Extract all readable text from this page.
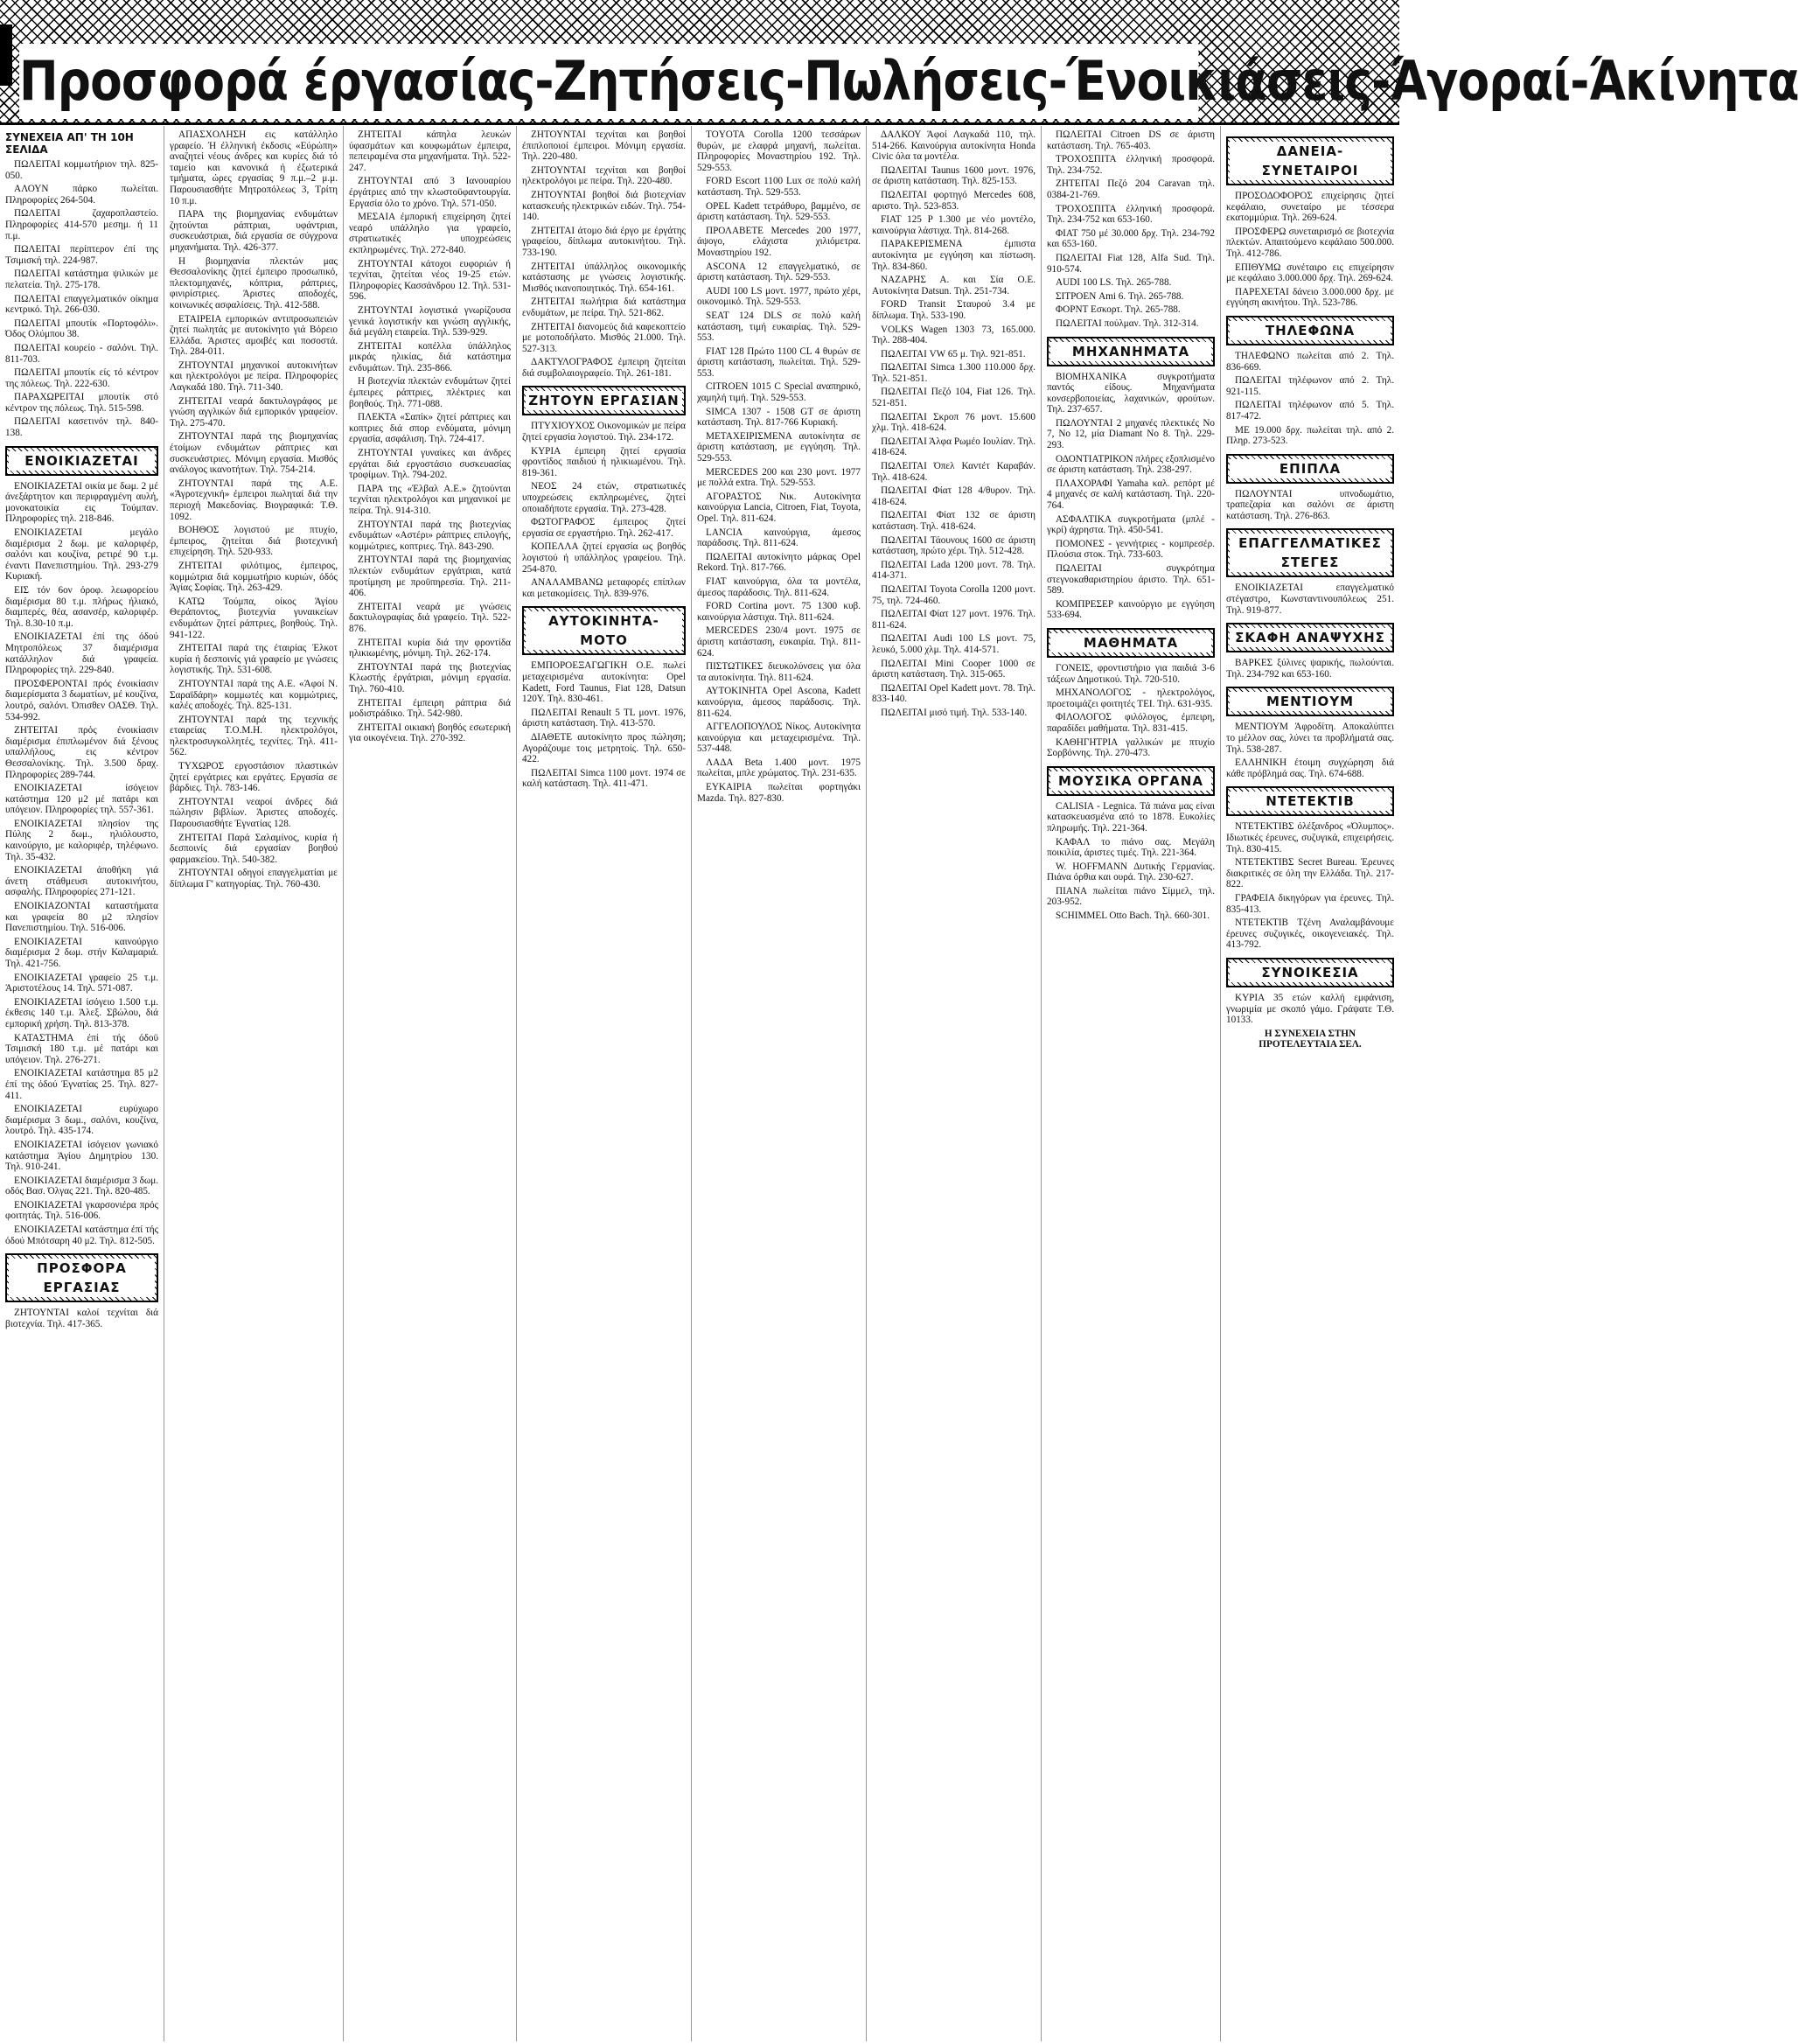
1
Προσφορά έργασίας-Ζητήσεις-Πωλήσεις-Ένοικιάσεις-Άγοραί-Άκίνητα
ΣΥΝΕΧΕΙΑ ΑΠ' ΤΗ 10Η ΣΕΛΙΔΑ

ΠΩΛΕΙΤΑΙ κομμωτήριον τηλ. 825-050.

ΑΛΟΥΝ πάρκο πωλείται. Πληροφορίες 264-504.

ΠΩΛΕΙΤΑΙ ζαχαροπλαστείο. Πληροφορίες 414-570 μεσημ. ή 11 π.μ.

ΠΩΛΕΙΤΑΙ περίπτερον έπί της Τσιμισκή τηλ. 224-987.

ΠΩΛΕΙΤΑΙ κατάστημα ψιλικών με πελατεία. Τηλ. 275-178.

ΠΩΛΕΙΤΑΙ επαγγελματικόν οίκημα κεντρικό. Τηλ. 266-030.

ΠΩΛΕΙΤΑΙ μπουτίκ «Πορτοφόλι». Όδος Ολύμπου 38.

ΠΩΛΕΙΤΑΙ κουρείο - σαλόνι. Τηλ. 811-703.

ΠΩΛΕΙΤΑΙ μπουτίκ είς τό κέντρον της πόλεως. Τηλ. 222-630.

ΠΑΡΑΧΩΡΕΙΤΑΙ μπουτίκ στό κέντρον της πόλεως. Τηλ. 515-598.

ΠΩΛΕΙΤΑΙ κασετινόν τηλ. 840-138.

ΕΝΟΙΚΙΑΖΕΤΑΙ

ΕΝΟΙΚΙΑΖΕΤΑΙ οικία με δωμ. 2 μέ άνεξάρτητον και περιφραγμένη αυλή, μονοκατοικία εις Τούμπαν. Πληροφορίες τηλ. 218-846.

ΕΝΟΙΚΙΑΖΕΤΑΙ μεγάλο διαμέρισμα 2 δωμ. με καλοριφέρ, σαλόνι και κουζίνα, ρετιρέ 90 τ.μ. έναντι Πανεπιστημίου. Τηλ. 293-279 Κυριακή.

ΕΙΣ τόν 6ον όροφ. λεωφορείου διαμέρισμα 80 τ.μ. πλήρως ήλιακό, διαμπερές, θέα, ασανσέρ, καλοριφέρ. Τηλ. 8.30-10 π.μ.

ΕΝΟΙΚΙΑΖΕΤΑΙ έπί της όδού Μητροπόλεως 37 διαμέρισμα κατάλληλον διά γραφεία. Πληροφορίες τηλ. 229-840.

ΠΡΟΣΦΕΡΟΝΤΑΙ πρός ένοικίασιν διαμερίσματα 3 δωματίων, μέ κουζίνα, λουτρό, σαλόνι. Όπισθεν ΟΑΣΘ. Τηλ. 534-992.

ΖΗΤΕΙΤΑΙ πρός ένοικίασιν διαμέρισμα έπιπλωμένον διά ξένους υπαλλήλους, εις κέντρον Θεσσαλονίκης. Τηλ. 3.500 δραχ. Πληροφορίες 289-744.

ΕΝΟΙΚΙΑΖΕΤΑΙ ίσόγειον κατάστημα 120 μ2 μέ πατάρι και υπόγειον. Πληροφορίες τηλ. 557-361.

ΕΝΟΙΚΙΑΖΕΤΑΙ πλησίον της Πύλης 2 δωμ., ηλιόλουστο, καινούργιο, με καλοριφέρ, τηλέφωνο. Τηλ. 35-432.

ΕΝΟΙΚΙΑΖΕΤΑΙ άποθήκη γιά άνετη στάθμευσι αυτοκινήτου, ασφαλής. Πληροφορίες 271-121.

ΕΝΟΙΚΙΑΖΟΝΤΑΙ καταστήματα και γραφεία 80 μ2 πλησίον Πανεπιστημίου. Τηλ. 516-006.

ΕΝΟΙΚΙΑΖΕΤΑΙ καινούργιο διαμέρισμα 2 δωμ. στήν Καλαμαριά. Τηλ. 421-756.

ΕΝΟΙΚΙΑΖΕΤΑΙ γραφείο 25 τ.μ. Άριστοτέλους 14. Τηλ. 571-087.

ΕΝΟΙΚΙΑΖΕΤΑΙ ίσόγειο 1.500 τ.μ. έκθεσις 140 τ.μ. Άλεξ. Σβώλου, διά εμπορική χρήση. Τηλ. 813-378.

ΚΑΤΑΣΤΗΜΑ έπί τής όδοϋ Τσιμισκή 180 τ.μ. μέ πατάρι και υπόγειον. Τηλ. 276-271.

ΕΝΟΙΚΙΑΖΕΤΑΙ κατάστημα 85 μ2 έπί της όδού Έγνατίας 25. Τηλ. 827-411.

ΕΝΟΙΚΙΑΖΕΤΑΙ ευρύχωρο διαμέρισμα 3 δωμ., σαλόνι, κουζίνα, λουτρό. Τηλ. 435-174.

ΕΝΟΙΚΙΑΖΕΤΑΙ ίσόγειον γωνιακό κατάστημα Άγίου Δημητρίου 130. Τηλ. 910-241.

ΕΝΟΙΚΙΑΖΕΤΑΙ διαμέρισμα 3 δωμ. οδός Βασ. Όλγας 221. Τηλ. 820-485.

ΕΝΟΙΚΙΑΖΕΤΑΙ γκαρσονιέρα πρός φοιτητάς. Τηλ. 516-006.

ΕΝΟΙΚΙΑΖΕΤΑΙ κατάστημα έπί τής όδού Μπότσαρη 40 μ2. Τηλ. 812-505.

ΠΡΟΣΦΟΡΑ ΕΡΓΑΣΙΑΣ

ΖΗΤΟΥΝΤΑΙ καλοί τεχνίται διά βιοτεχνία. Τηλ. 417-365.

ΑΠΑΣΧΟΛΗΣΗ εις κατάλληλο γραφείο. Ή έλληνική έκδοσις «Εύρώπη» αναζητεί νέους άνδρες και κυρίες διά τό ταμείο και κανονικά ή έξωτερικά τμήματα, ώρες εργασίας 9 π.μ.–2 μ.μ. Παρουσιασθήτε Μητροπόλεως 3, Τρίτη 10 π.μ.

ΠΑΡΑ της βιομηχανίας ενδυμάτων ζητούνται ράπτριαι, υφάντριαι, συσκευάστριαι, διά εργασία σε σύγχρονα μηχανήματα. Τηλ. 426-377.

Η βιομηχανία πλεκτών μας Θεσσαλονίκης ζητεί έμπειρο προσωπικό, πλεκτομηχανές, κόπτρια, ράπτριες, φινιρίστριες. Άριστες αποδοχές, κοινωνικές ασφαλίσεις. Τηλ. 412-588.

ΕΤΑΙΡΕΙΑ εμπορικών αντιπροσωπειών ζητεί πωλητάς με αυτοκίνητο γιά Βόρειο Ελλάδα. Άριστες αμοιβές και ποσοστά. Τηλ. 284-011.

ΖΗΤΟΥΝΤΑΙ μηχανικοί αυτοκινήτων και ηλεκτρολόγοι με πείρα. Πληροφορίες Λαγκαδά 180. Τηλ. 711-340.

ΖΗΤΕΙΤΑΙ νεαρά δακτυλογράφος με γνώση αγγλικών διά εμπορικόν γραφείον. Τηλ. 275-470.

ΖΗΤΟΥΝΤΑΙ παρά της βιομηχανίας έτοίμων ενδυμάτων ράπτριες και συσκευάστριες. Μόνιμη εργασία. Μισθός ανάλογος ικανοτήτων. Τηλ. 754-214.

ΖΗΤΟΥΝΤΑΙ παρά της Α.Ε. «Άγροτεχνική» έμπειροι πωληταί διά την περιοχή Μακεδονίας. Βιογραφικά: Τ.Θ. 1092.

ΒΟΗΘΟΣ λογιστού με πτυχίο, έμπειρος, ζητείται διά βιοτεχνική επιχείρηση. Τηλ. 520-933.

ΖΗΤΕΙΤΑΙ φιλότιμος, έμπειρος, κομμώτρια διά κομμωτήριο κυριών, όδός Άγίας Σοφίας. Τηλ. 263-429.

ΚΑΤΩ Τούμπα, οίκος Άγίου Θεράποντος, βιοτεχνία γυναικείων ενδυμάτων ζητεί ράπτριες, βοηθούς. Τηλ. 941-122.

ΖΗΤΕΙΤΑΙ παρά της έταιρίας Έλκοτ κυρία ή δεσποινίς γιά γραφείο με γνώσεις λογιστικής. Τηλ. 531-608.

ΖΗΤΟΥΝΤΑΙ παρά της Α.Ε. «Άφοί Ν. Σαραϊδάρη» κομμωτές και κομμώτριες, καλές αποδοχές. Τηλ. 825-131.

ΖΗΤΟΥΝΤΑΙ παρά της τεχνικής εταιρείας Τ.Ο.Μ.Η. ηλεκτρολόγοι, ηλεκτροσυγκολλητές, τεχνίτες. Τηλ. 411-562.

ΤΥΧΩΡΟΣ εργοστάσιον πλαστικών ζητεί εργάτριες και εργάτες. Εργασία σε βάρδιες. Τηλ. 783-146.

ΖΗΤΟΥΝΤΑΙ νεαροί άνδρες διά πώλησιν βιβλίων. Άριστες αποδοχές. Παρουσιασθήτε Έγνατίας 128.

ΖΗΤΕΙΤΑΙ Παρά Σαλαμίνος, κυρία ή δεσποινίς διά εργασίαν βοηθού φαρμακείου. Τηλ. 540-382.

ΖΗΤΟΥΝΤΑΙ οδηγοί επαγγελματίαι με δίπλωμα Γ' κατηγορίας. Τηλ. 760-430.

ΖΗΤΕΙΤΑΙ κάπηλα λευκών ύφασμάτων και κουφωμάτων έμπειρα, πεπειραμένα στα μηχανήματα. Τηλ. 522-247.

ΖΗΤΟΥΝΤΑΙ από 3 Ιανουαρίου έργάτριες από την κλωστοϋφαντουργία. Εργασία όλο το χρόνο. Τηλ. 571-050.

ΜΕΣΑΙΑ έμπορική επιχείρηση ζητεί νεαρό υπάλληλο για γραφείο, στρατιωτικές υποχρεώσεις εκπληρωμένες. Τηλ. 272-840.

ΖΗΤΟΥΝΤΑΙ κάτοχοι ευφοριών ή τεχνίται, ζητείται νέος 19-25 ετών. Πληροφορίες Κασσάνδρου 12. Τηλ. 531-596.

ΖΗΤΟΥΝΤΑΙ λογιστικά γνωρίζουσα γενικά λογιστικήν και γνώση αγγλικής, διά μεγάλη εταιρεία. Τηλ. 539-929.

ΖΗΤΕΙΤΑΙ κοπέλλα ύπάλληλος μικράς ηλικίας, διά κατάστημα ενδυμάτων. Τηλ. 235-866.

Η βιοτεχνία πλεκτών ενδυμάτων ζητεί έμπειρες ράπτριες, πλέκτριες και βοηθούς. Τηλ. 771-088.

ΠΛΕΚΤΑ «Σαπίκ» ζητεί ράπτριες και κοπτριες διά σπορ ενδύματα, μόνιμη εργασία, ασφάλιση. Τηλ. 724-417.

ΖΗΤΟΥΝΤΑΙ γυναίκες και άνδρες εργάται διά εργοστάσιο συσκευασίας τροφίμων. Τηλ. 794-202.

ΠΑΡΑ της «Έλβαλ Α.Ε.» ζητούνται τεχνίται ηλεκτρολόγοι και μηχανικοί με πείρα. Τηλ. 914-310.

ΖΗΤΟΥΝΤΑΙ παρά της βιοτεχνίας ενδυμάτων «Αστέρι» ράπτριες επιλογής, κομμώτριες, κοπτριες. Τηλ. 843-290.

ΖΗΤΟΥΝΤΑΙ παρά της βιομηχανίας πλεκτών ενδυμάτων εργάτριαι, κατά προτίμηση με προϋπηρεσία. Τηλ. 211-406.

ΖΗΤΕΙΤΑΙ νεαρά με γνώσεις δακτυλογραφίας διά γραφείο. Τηλ. 522-876.

ΖΗΤΕΙΤΑΙ κυρία διά την φροντίδα ηλικιωμένης, μόνιμη. Τηλ. 262-174.

ΖΗΤΟΥΝΤΑΙ παρά της βιοτεχνίας Κλωστής έργάτριαι, μόνιμη εργασία. Τηλ. 760-410.

ΖΗΤΕΙΤΑΙ έμπειρη ράπτρια διά μοδιστράδικο. Τηλ. 542-980.

ΖΗΤΕΙΤΑΙ οικιακή βοηθός εσωτερική για οικογένεια. Τηλ. 270-392.

ΖΗΤΟΥΝΤΑΙ τεχνίται και βοηθοί έπιπλοποιοί έμπειροι. Μόνιμη εργασία. Τηλ. 220-480.

ΖΗΤΟΥΝΤΑΙ τεχνίται και βοηθοί ηλεκτρολόγοι με πείρα. Τηλ. 220-480.

ΖΗΤΟΥΝΤΑΙ βοηθοί διά βιοτεχνίαν κατασκευής ηλεκτρικών ειδών. Τηλ. 754-140.

ΖΗΤΕΙΤΑΙ άτομο διά έργο με έργάτης γραφείου, δίπλωμα αυτοκινήτου. Τηλ. 733-190.

ΖΗΤΕΙΤΑΙ ύπάλληλος οικονομικής κατάστασης με γνώσεις λογιστικής. Μισθός ικανοποιητικός. Τηλ. 654-161.

ΖΗΤΕΙΤΑΙ πωλήτρια διά κατάστημα ενδυμάτων, με πείρα. Τηλ. 521-862.

ΖΗΤΕΙΤΑΙ διανομεύς διά καφεκοπτείο με μοτοποδήλατο. Μισθός 21.000. Τηλ. 527-313.

ΔΑΚΤΥΛΟΓΡΑΦΟΣ έμπειρη ζητείται διά συμβολαιογραφείο. Τηλ. 261-181.

ΖΗΤΟΥΝ ΕΡΓΑΣΙΑΝ

ΠΤΥΧΙΟΥΧΟΣ Οικονομικών με πείρα ζητεί εργασία λογιστού. Τηλ. 234-172.

ΚΥΡΙΑ έμπειρη ζητεί εργασία φροντίδος παιδιού ή ηλικιωμένου. Τηλ. 819-361.

ΝΕΟΣ 24 ετών, στρατιωτικές υποχρεώσεις εκπληρωμένες, ζητεί οποιαδήποτε εργασία. Τηλ. 273-428.

ΦΩΤΟΓΡΑΦΟΣ έμπειρος ζητεί εργασία σε εργαστήριο. Τηλ. 262-417.

ΚΟΠΕΛΛΑ ζητεί εργασία ως βοηθός λογιστού ή υπάλληλος γραφείου. Τηλ. 254-870.

ΑΝΑΛΑΜΒΑΝΩ μεταφορές επίπλων και μετακομίσεις. Τηλ. 839-976.

ΑΥΤΟΚΙΝΗΤΑ-ΜΟΤΟ

ΕΜΠΟΡΟΕΞΑΓΩΓΙΚΗ Ο.Ε. πωλεί μεταχειρισμένα αυτοκίνητα: Opel Kadett, Ford Taunus, Fiat 128, Datsun 120Y. Τηλ. 830-461.

ΠΩΛΕΙΤΑΙ Renault 5 TL μοντ. 1976, άριστη κατάσταση. Τηλ. 413-570.

ΔΙΑΘΕΤΕ αυτοκίνητο προς πώληση; Αγοράζουμε τοις μετρητοίς. Τηλ. 650-422.

ΠΩΛΕΙΤΑΙ Simca 1100 μοντ. 1974 σε καλή κατάσταση. Τηλ. 411-471.

TOYOTA Corolla 1200 τεσσάρων θυρών, με ελαφρά μηχανή, πωλείται. Πληροφορίες Μοναστηρίου 192. Τηλ. 529-553.

FORD Escort 1100 Lux σε πολύ καλή κατάσταση. Τηλ. 529-553.

OPEL Kadett τετράθυρο, βαμμένο, σε άριστη κατάσταση. Τηλ. 529-553.

ΠΡΟΛΑΒΕΤΕ Mercedes 200 1977, άψογο, ελάχιστα χιλιόμετρα. Μοναστηρίου 192.

ASCONA 12 επαγγελματικό, σε άριστη κατάσταση. Τηλ. 529-553.

AUDI 100 LS μοντ. 1977, πρώτο χέρι, οικονομικό. Τηλ. 529-553.

SEAT 124 DLS σε πολύ καλή κατάσταση, τιμή ευκαιρίας. Τηλ. 529-553.

FIAT 128 Πρώτο 1100 CL 4 θυρών σε άριστη κατάσταση, πωλείται. Τηλ. 529-553.

CITROEN 1015 C Special αναπηρικό, χαμηλή τιμή. Τηλ. 529-553.

SIMCA 1307 - 1508 GT σε άριστη κατάσταση. Τηλ. 817-766 Κυριακή.

ΜΕΤΑΧΕΙΡΙΣΜΕΝΑ αυτοκίνητα σε άριστη κατάσταση, με εγγύηση. Τηλ. 529-553.

MERCEDES 200 και 230 μοντ. 1977 με πολλά extra. Τηλ. 529-553.

ΑΓΟΡΑΣΤΟΣ Νικ. Αυτοκίνητα καινούργια Lancia, Citroen, Fiat, Toyota, Opel. Τηλ. 811-624.

LANCIA καινούργια, άμεσος παράδοσις. Τηλ. 811-624.

ΠΩΛΕΙΤΑΙ αυτοκίνητο μάρκας Opel Rekord. Τηλ. 817-766.

FIAT καινούργια, όλα τα μοντέλα, άμεσος παράδοσις. Τηλ. 811-624.

FORD Cortina μοντ. 75 1300 κυβ. καινούργια λάστιχα. Τηλ. 811-624.

MERCEDES 230/4 μοντ. 1975 σε άριστη κατάσταση, ευκαιρία. Τηλ. 811-624.

ΠΙΣΤΩΤΙΚΕΣ διευκολύνσεις για όλα τα αυτοκίνητα. Τηλ. 811-624.

ΑΥΤΟΚΙΝΗΤΑ Opel Ascona, Kadett καινούργια, άμεσος παράδοσις. Τηλ. 811-624.

ΑΓΓΕΛΟΠΟΥΛΟΣ Νίκος. Αυτοκίνητα καινούργια και μεταχειρισμένα. Τηλ. 537-448.

ΛΑΔΑ Beta 1.400 μοντ. 1975 πωλείται, μπλε χρώματος. Τηλ. 231-635.

ΕΥΚΑΙΡΙΑ πωλείται φορτηγάκι Mazda. Τηλ. 827-830.

ΔΑΛΚΟΥ Άφοί Λαγκαδά 110, τηλ. 514-266. Καινούργια αυτοκίνητα Honda Civic όλα τα μοντέλα.

ΠΩΛΕΙΤΑΙ Taunus 1600 μοντ. 1976, σε άριστη κατάσταση. Τηλ. 825-153.

ΠΩΛΕΙΤΑΙ φορτηγό Mercedes 608, αριστο. Τηλ. 523-853.

FIAT 125 P 1.300 με νέο μοντέλο, καινούργια λάστιχα. Τηλ. 814-268.

ΠΑΡΑΚΕΡΙΣΜΕΝΑ έμπιστα αυτοκίνητα με εγγύηση και πίστωση. Τηλ. 834-860.

ΝΑΖΑΡΗΣ Α. και Σία Ο.Ε. Αυτοκίνητα Datsun. Τηλ. 251-734.

FORD Transit Σταυρού 3.4 με δίπλωμα. Τηλ. 533-190.

VOLKS Wagen 1303 73, 165.000. Τηλ. 288-404.

ΠΩΛΕΙΤΑΙ VW 65 μ. Τηλ. 921-851.

ΠΩΛΕΙΤΑΙ Simca 1.300 110.000 δρχ. Τηλ. 521-851.

ΠΩΛΕΙΤΑΙ Πεζό 104, Fiat 126. Τηλ. 521-851.

ΠΩΛΕΙΤΑΙ Σκροπ 76 μοντ. 15.600 χλμ. Τηλ. 418-624.

ΠΩΛΕΙΤΑΙ Άλφα Ρωμέο Ιουλίαν. Τηλ. 418-624.

ΠΩΛΕΙΤΑΙ Όπελ Καντέτ Καραβάν. Τηλ. 418-624.

ΠΩΛΕΙΤΑΙ Φίατ 128 4/θυρον. Τηλ. 418-624.

ΠΩΛΕΙΤΑΙ Φίατ 132 σε άριστη κατάσταση. Τηλ. 418-624.

ΠΩΛΕΙΤΑΙ Τάουνους 1600 σε άριστη κατάσταση, πρώτο χέρι. Τηλ. 512-428.

ΠΩΛΕΙΤΑΙ Lada 1200 μοντ. 78. Τηλ. 414-371.

ΠΩΛΕΙΤΑΙ Toyota Corolla 1200 μοντ. 75, τηλ. 724-460.

ΠΩΛΕΙΤΑΙ Φίατ 127 μοντ. 1976. Τηλ. 811-624.

ΠΩΛΕΙΤΑΙ Audi 100 LS μοντ. 75, λευκό, 5.000 χλμ. Τηλ. 414-571.

ΠΩΛΕΙΤΑΙ Mini Cooper 1000 σε άριστη κατάσταση. Τηλ. 315-065.

ΠΩΛΕΙΤΑΙ Opel Kadett μοντ. 78. Τηλ. 833-140.

ΠΩΛΕΙΤΑΙ μισό τιμή. Τηλ. 533-140.

ΠΩΛΕΙΤΑΙ Citroen DS σε άριστη κατάσταση. Τηλ. 765-403.

ΤΡΟΧΟΣΠΙΤΑ έλληνική προσφορά. Τηλ. 234-752.

ΖΗΤΕΙΤΑΙ Πεζό 204 Caravan τηλ. 0384-21-769.

ΤΡΟΧΟΣΠΙΤΑ έλληνική προσφορά. Τηλ. 234-752 και 653-160.

ΦΙΑΤ 750 μέ 30.000 δρχ. Τηλ. 234-792 και 653-160.

ΠΩΛΕΙΤΑΙ Fiat 128, Alfa Sud. Τηλ. 910-574.

AUDI 100 LS. Τηλ. 265-788.

ΣΙΤΡΟΕΝ Ami 6. Τηλ. 265-788.

ΦΟΡΝΤ Εσκορτ. Τηλ. 265-788.

ΠΩΛΕΙΤΑΙ πούλμαν. Τηλ. 312-314.

ΜΗΧΑΝΗΜΑΤΑ

ΒΙΟΜΗΧΑΝΙΚΑ συγκροτήματα παντός είδους. Μηχανήματα κονσερβοποιείας, λαχανικών, φρούτων. Τηλ. 237-657.

ΠΩΛΟΥΝΤΑΙ 2 μηχανές πλεκτικές Νο 7, Νο 12, μία Diamant Νο 8. Τηλ. 229-293.

ΟΔΟΝΤΙΑΤΡΙΚΟΝ πλήρες εξοπλισμένο σε άριστη κατάσταση. Τηλ. 238-297.

ΠΛΑΧΟΡΑΦΙ Yamaha καλ. ρεπόρτ μέ 4 μηχανές σε καλή κατάσταση. Τηλ. 220-764.

ΑΣΦΑΛΤΙΚΑ συγκροτήματα (μπλέ - γκρί) άχρηστα. Τηλ. 450-541.

ΠΟΜΟΝΕΣ - γεννήτριες - κομπρεσέρ. Πλούσια στοκ. Τηλ. 733-603.

ΠΩΛΕΙΤΑΙ συγκρότημα στεγνοκαθαριστηρίου άριστο. Τηλ. 651-589.

ΚΟΜΠΡΕΣΕΡ καινούργιο με εγγύηση 533-694.

ΜΑΘΗΜΑΤΑ

ΓΟΝΕΙΣ, φροντιστήριο για παιδιά 3-6 τάξεων Δημοτικού. Τηλ. 720-510.

ΜΗΧΑΝΟΛΟΓΟΣ - ηλεκτρολόγος, προετοιμάζει φοιτητές ΤΕΙ. Τηλ. 631-935.

ΦΙΛΟΛΟΓΟΣ φιλόλογος, έμπειρη, παραδίδει μαθήματα. Τηλ. 831-415.

ΚΑΘΗΓΗΤΡΙΑ γαλλικών με πτυχίο Σορβόννης. Τηλ. 270-473.

ΜΟΥΣΙΚΑ ΟΡΓΑΝΑ

CALISIA - Legnica. Τά πιάνα μας είναι κατασκευασμένα από το 1878. Ευκολίες πληρωμής. Τηλ. 221-364.

ΚΑΦΑΛ το πιάνο σας. Μεγάλη ποικιλία, άριστες τιμές. Τηλ. 221-364.

W. HOFFMANN Δυτικής Γερμανίας. Πιάνα όρθια και ουρά. Τηλ. 230-627.

ΠΙΑΝΑ πωλείται πιάνο Σίμμελ, τηλ. 203-952.

SCHIMMEL Otto Bach. Τηλ. 660-301.

ΔΑΝΕΙΑ-ΣΥΝΕΤΑΙΡΟΙ

ΠΡΟΣΟΔΟΦΟΡΟΣ επιχείρησις ζητεί κεφάλαιο, συνεταίρο με τέσσερα εκατομμύρια. Τηλ. 269-624.

ΠΡΟΣΦΕΡΩ συνεταιρισμό σε βιοτεχνία πλεκτών. Απαιτούμενο κεφάλαιο 500.000. Τηλ. 412-786.

ΕΠΙΘΥΜΩ συνέταιρο εις επιχείρησιν με κεφάλαιο 3.000.000 δρχ. Τηλ. 269-624.

ΠΑΡΕΧΕΤΑΙ δάνειο 3.000.000 δρχ. με εγγύηση ακινήτου. Τηλ. 523-786.

ΤΗΛΕΦΩΝΑ

ΤΗΛΕΦΩΝΟ πωλείται από 2. Τηλ. 836-669.

ΠΩΛΕΙΤΑΙ τηλέφωνον από 2. Τηλ. 921-115.

ΠΩΛΕΙΤΑΙ τηλέφωνον από 5. Τηλ. 817-472.

ΜΕ 19.000 δρχ. πωλείται τηλ. από 2. Πληρ. 273-523.

ΕΠΙΠΛΑ

ΠΩΛΟΥΝΤΑΙ υπνοδωμάτιο, τραπεζαρία και σαλόνι σε άριστη κατάσταση. Τηλ. 276-863.

ΕΠΑΓΓΕΛΜΑΤΙΚΕΣ ΣΤΕΓΕΣ

ΕΝΟΙΚΙΑΖΕΤΑΙ επαγγελματικό στέγαστρο, Κωνσταντινουπόλεως 251. Τηλ. 919-877.

ΣΚΑΦΗ ΑΝΑΨΥΧΗΣ

ΒΑΡΚΕΣ ξύλινες ψαρικής, πωλούνται. Τηλ. 234-792 και 653-160.

ΜΕΝΤΙΟΥΜ

ΜΕΝΤΙΟΥΜ Άφροδίτη. Αποκαλύπτει το μέλλον σας, λύνει τα προβλήματά σας. Τηλ. 538-287.

ΕΛΛΗΝΙΚΗ έτοιμη συγχώρηση διά κάθε πρόβλημά σας. Τηλ. 674-688.

ΝΤΕΤΕΚΤΙΒ

ΝΤΕΤΕΚΤΙΒΣ όλέξανδρος «Όλυμπος». Ιδιωτικές έρευνες, συζυγικά, επιχειρήσεις. Τηλ. 830-415.

ΝΤΕΤΕΚΤΙΒΣ Secret Bureau. Έρευνες διακριτικές σε όλη την Ελλάδα. Τηλ. 217-822.

ΓΡΑΦΕΙΑ δικηγόρων για έρευνες. Τηλ. 835-413.

ΝΤΕΤΕΚΤΙΒ Τζένη Αναλαμβάνουμε έρευνες συζυγικές, οικογενειακές. Τηλ. 413-792.

ΣΥΝΟΙΚΕΣΙΑ

ΚΥΡΙΑ 35 ετών καλλή εμφάνιση, γνωριμία με σκοπό γάμο. Γράψατε Τ.Θ. 10133.

Η ΣΥΝΕΧΕΙΑ ΣΤΗΝ ΠΡΟΤΕΛΕΥΤΑΙΑ ΣΕΛ.
